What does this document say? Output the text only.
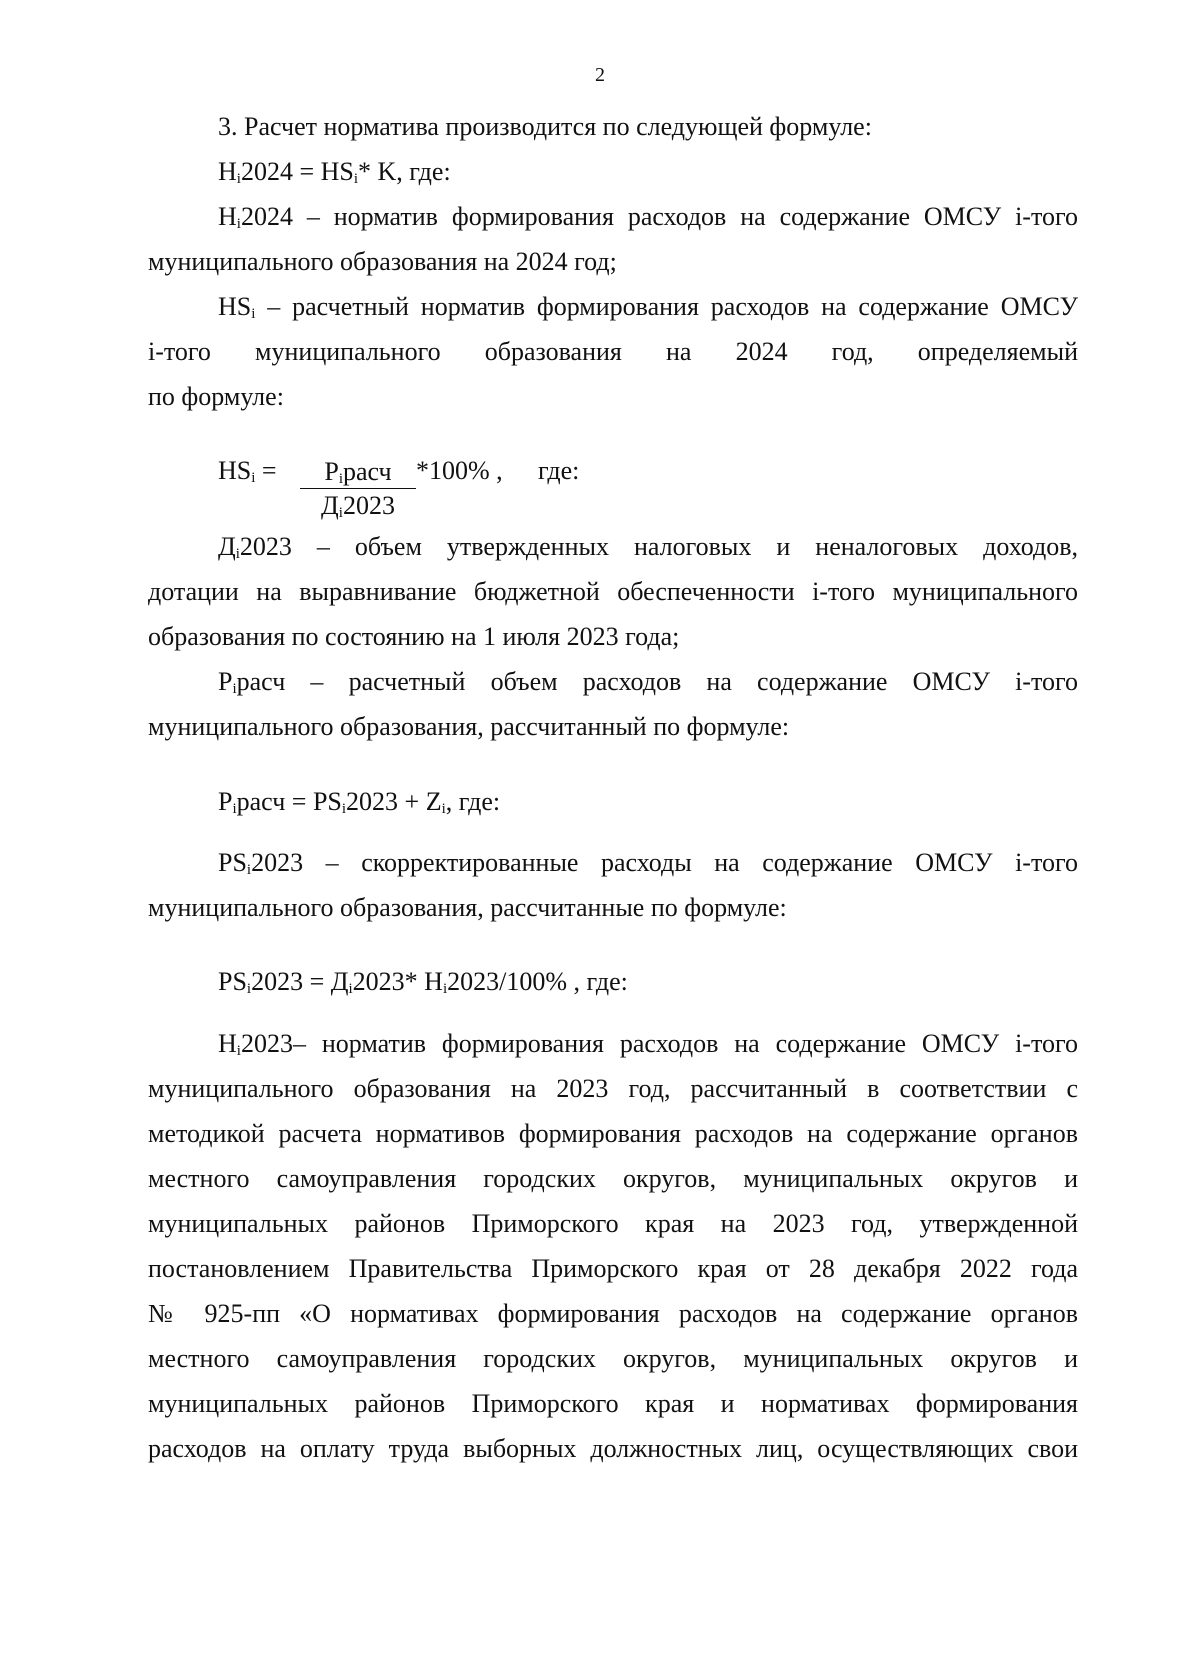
2
3. Расчет норматива производится по следующей формуле:
$H_i2024 = HS_i*$ K, где:
$H_i2024$ – норматив формирования расходов на содержание ОМСУ i-того
муниципального образования на 2024 год;
$HS_i$ – расчетный норматив формирования расходов на содержание ОМСУ
i-того муниципального образования на 2024 год, определяемый
по формуле:
$HS_i$ =	$P_iрасч$
$Д_i2023$
*100% ,	где:
$Д_i2023$ – объем утвержденных налоговых и неналоговых доходов,
дотации на выравнивание бюджетной обеспеченности i-того муниципального
образования по состоянию на 1 июля 2023 года;
$P_iрасч$ – расчетный объем расходов на содержание ОМСУ i-того
муниципального образования, рассчитанный по формуле:
$P_iрасч = PS_i2023 + Z_i$, где:
$PS_i2023$ – скорректированные расходы на содержание ОМСУ i-того
муниципального образования, рассчитанные по формуле:
$PS_i2023 = Д_i2023*$ $H_i2023/100\%$ , где:
$H_i2023-$ норматив формирования расходов на содержание ОМСУ i-того
муниципального образования на 2023 год, рассчитанный в соответствии с
методикой расчета нормативов формирования расходов на содержание органов
местного самоуправления городских округов, муниципальных округов и
муниципальных районов Приморского края на 2023 год, утвержденной
постановлением Правительства Приморского края от 28 декабря 2022 года
№ 925-пп «О нормативах формирования расходов на содержание органов
местного самоуправления городских округов, муниципальных округов и
муниципальных районов Приморского края и нормативах формирования
расходов на оплату труда выборных должностных лиц, осуществляющих свои
